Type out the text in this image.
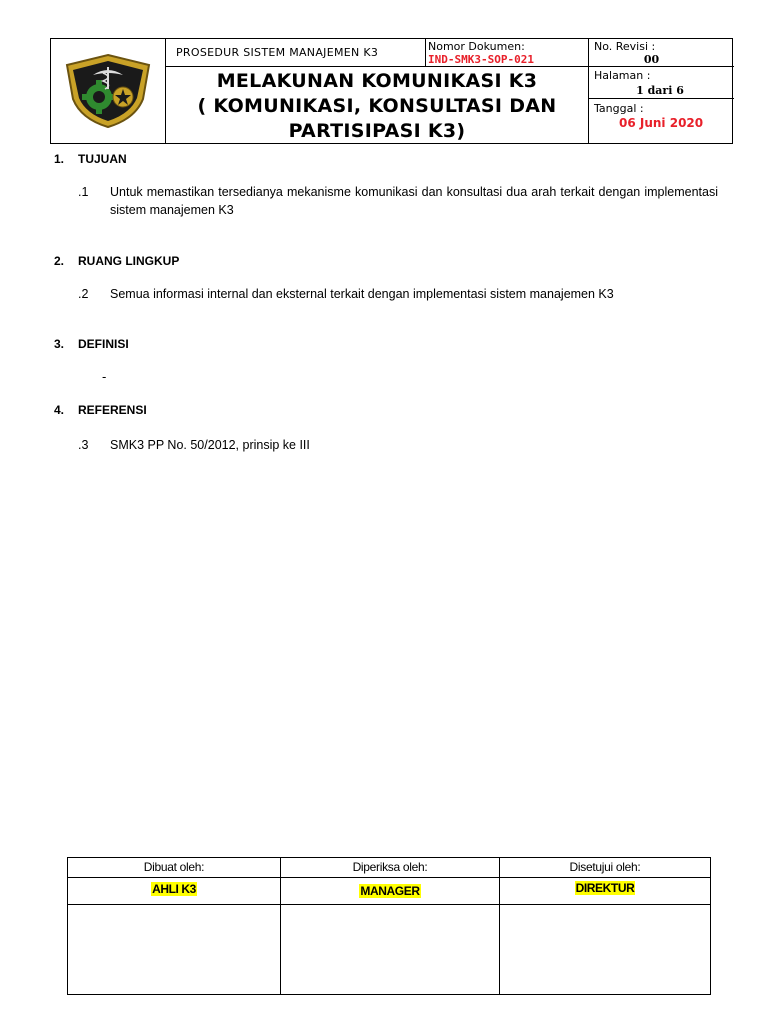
PROSEDUR SISTEM MANAJEMEN K3
MELAKUNAN KOMUNIKASI K3
( KOMUNIKASI, KONSULTASI DAN
PARTISIPASI K3)
Nomor Dokumen:
IND-SMK3-SOP-021
No. Revisi :
00
Halaman :
1 dari 6
Tanggal :
06 Juni 2020
1. TUJUAN
.1 Untuk memastikan tersedianya mekanisme komunikasi dan konsultasi dua arah terkait dengan implementasi sistem manajemen K3
2. RUANG LINGKUP
.2 Semua informasi internal dan eksternal terkait dengan implementasi sistem manajemen K3
3. DEFINISI
-
4. REFERENSI
.3 SMK3 PP No. 50/2012, prinsip ke III
Dibuat oleh:	Diperiksa oleh:	Disetujui oleh:
AHLI K3	MANAGER	DIREKTUR
